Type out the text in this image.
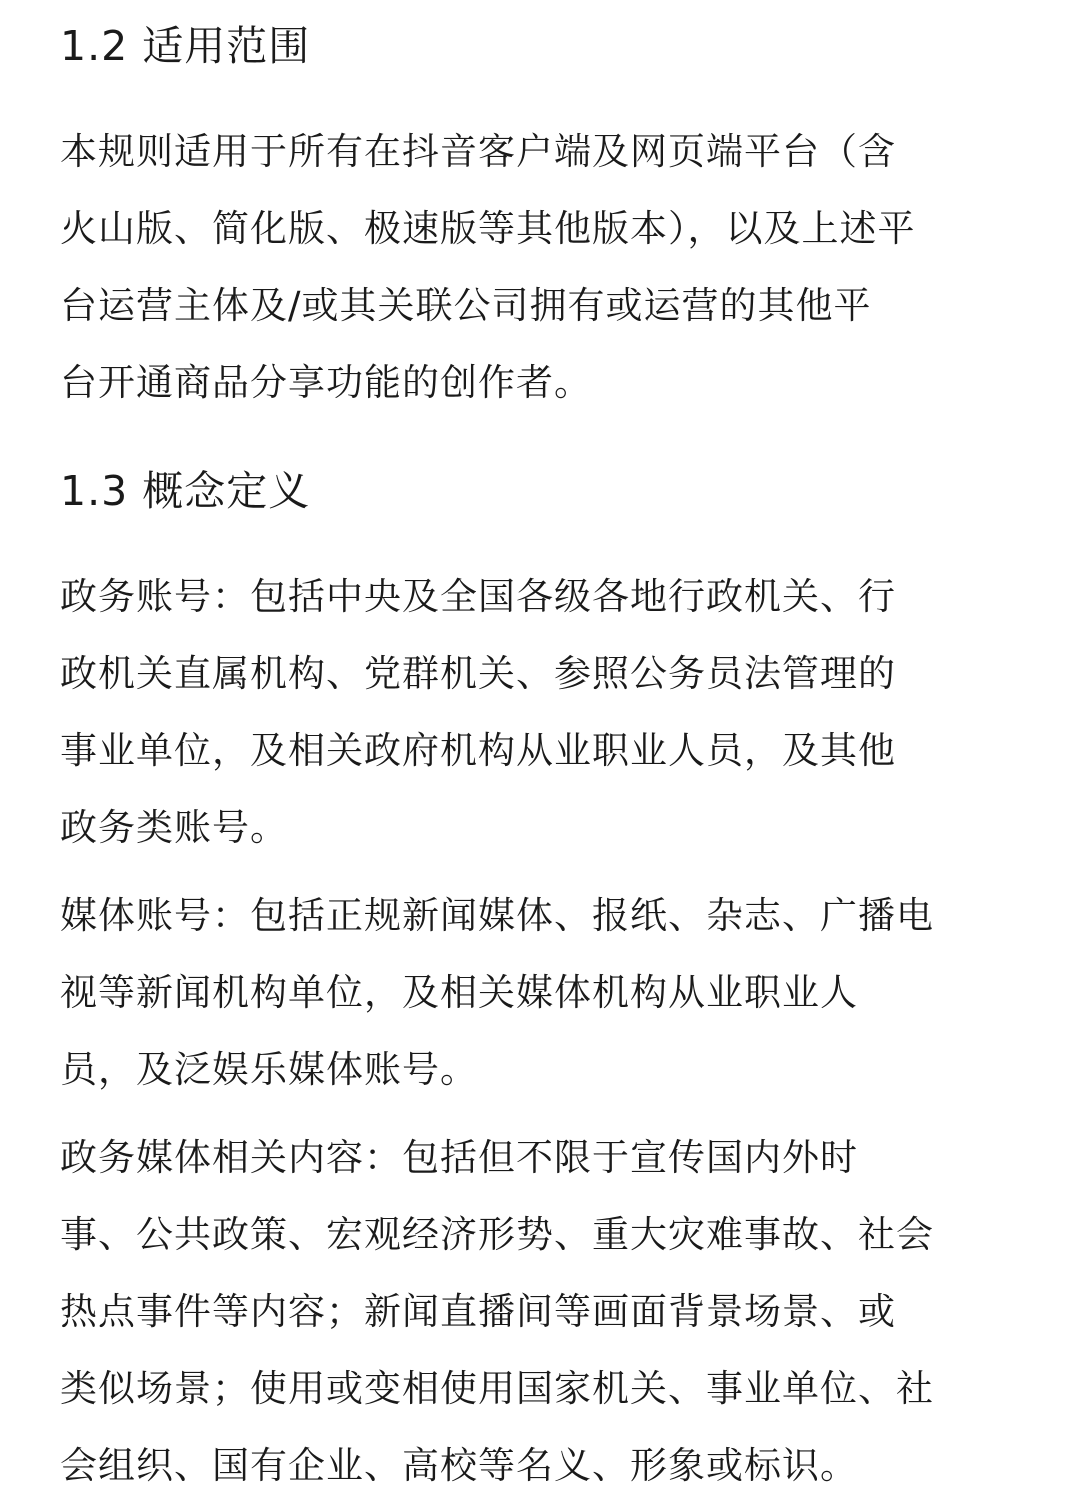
1.2 适用范围

本规则适用于所有在抖音客户端及网页端平台（含
火山版、简化版、极速版等其他版本），以及上述平
台运营主体及/或其关联公司拥有或运营的其他平
台开通商品分享功能的创作者。

1.3 概念定义

政务账号：包括中央及全国各级各地行政机关、行
政机关直属机构、党群机关、参照公务员法管理的
事业单位，及相关政府机构从业职业人员，及其他
政务类账号。

媒体账号：包括正规新闻媒体、报纸、杂志、广播电
视等新闻机构单位，及相关媒体机构从业职业人
员，及泛娱乐媒体账号。

政务媒体相关内容：包括但不限于宣传国内外时
事、公共政策、宏观经济形势、重大灾难事故、社会
热点事件等内容；新闻直播间等画面背景场景、或
类似场景；使用或变相使用国家机关、事业单位、社
会组织、国有企业、高校等名义、形象或标识。
